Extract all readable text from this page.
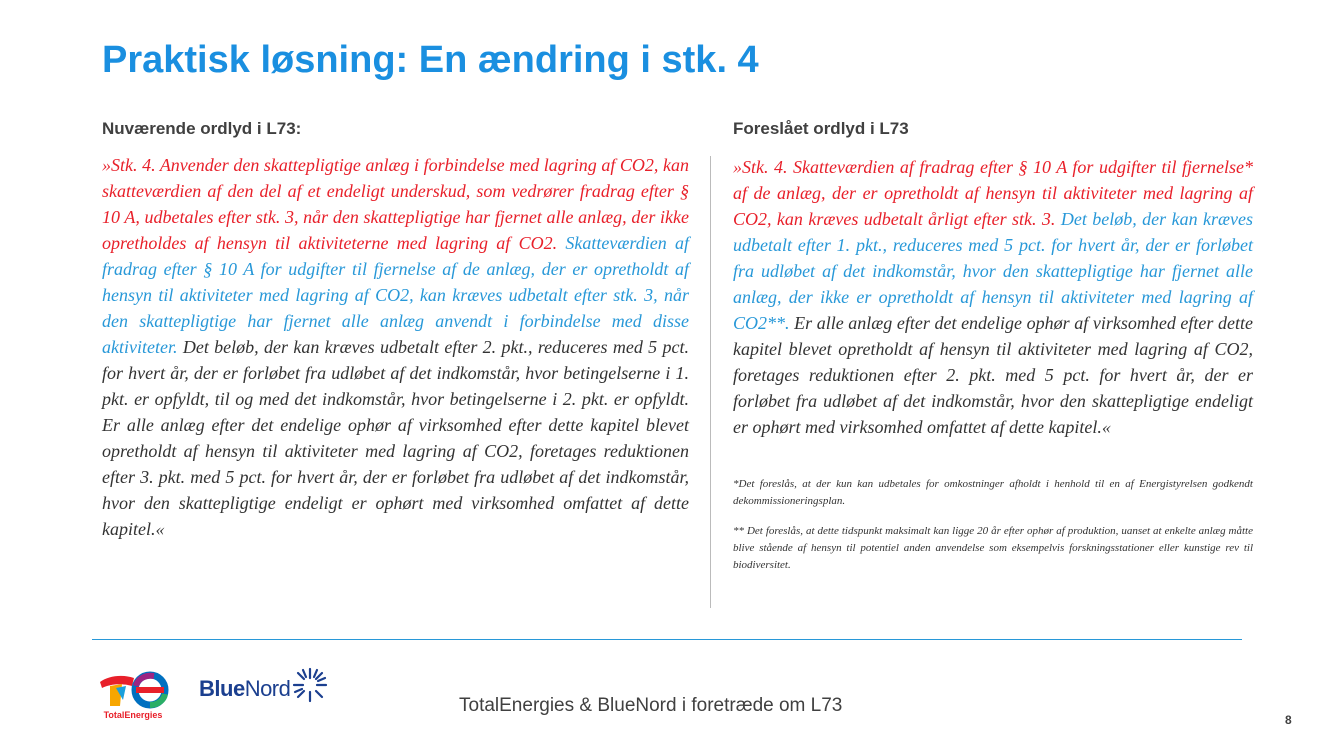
Praktisk løsning: En ændring i stk. 4
Nuværende ordlyd i L73:

»Stk. 4. Anvender den skattepligtige anlæg i forbindelse med lagring af CO2, kan skatteværdien af den del af et endeligt underskud, som vedrører fradrag efter § 10 A, udbetales efter stk. 3, når den skattepligtige har fjernet alle anlæg, der ikke opretholdes af hensyn til aktiviteterne med lagring af CO2. Skatteværdien af fradrag efter § 10 A for udgifter til fjernelse af de anlæg, der er opretholdt af hensyn til aktiviteter med lagring af CO2, kan kræves udbetalt efter stk. 3, når den skattepligtige har fjernet alle anlæg anvendt i forbindelse med disse aktiviteter. Det beløb, der kan kræves udbetalt efter 2. pkt., reduceres med 5 pct. for hvert år, der er forløbet fra udløbet af det indkomstår, hvor betingelserne i 1. pkt. er opfyldt, til og med det indkomstår, hvor betingelserne i 2. pkt. er opfyldt. Er alle anlæg efter det endelige ophør af virksomhed efter dette kapitel blevet opretholdt af hensyn til aktiviteter med lagring af CO2, foretages reduktionen efter 3. pkt. med 5 pct. for hvert år, der er forløbet fra udløbet af det indkomstår, hvor den skattepligtige endeligt er ophørt med virksomhed omfattet af dette kapitel.«

Foreslået ordlyd i L73

»Stk. 4. Skatteværdien af fradrag efter § 10 A for udgifter til fjernelse* af de anlæg, der er opretholdt af hensyn til aktiviteter med lagring af CO2, kan kræves udbetalt årligt efter stk. 3. Det beløb, der kan kræves udbetalt efter 1. pkt., reduceres med 5 pct. for hvert år, der er forløbet fra udløbet af det indkomstår, hvor den skattepligtige har fjernet alle anlæg, der ikke er opretholdt af hensyn til aktiviteter med lagring af CO2**. Er alle anlæg efter det endelige ophør af virksomhed efter dette kapitel blevet opretholdt af hensyn til aktiviteter med lagring af CO2, foretages reduktionen efter 2. pkt. med 5 pct. for hvert år, der er forløbet fra udløbet af det indkomstår, hvor den skattepligtige endeligt er ophørt med virksomhed omfattet af dette kapitel.«

*Det foreslås, at der kun kan udbetales for omkostninger afholdt i henhold til en af Energistyrelsen godkendt dekommissioneringsplan.

** Det foreslås, at dette tidspunkt maksimalt kan ligge 20 år efter ophør af produktion, uanset at enkelte anlæg måtte blive stående af hensyn til potentiel anden anvendelse som eksempelvis forskningsstationer eller kunstige rev til biodiversitet.

TotalEnergies
Blue Nord

TotalEnergies & BlueNord i foretræde om L73

8
